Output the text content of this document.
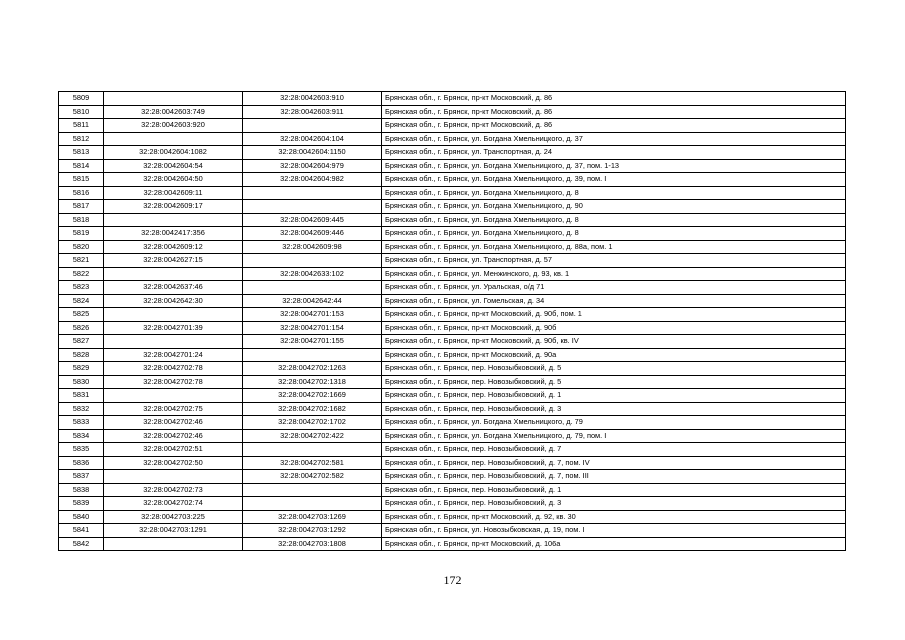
5809		32:28:0042603:910	Брянская обл., г. Брянск, пр-кт Московский, д. 86
5810	32:28:0042603:749	32:28:0042603:911	Брянская обл., г. Брянск, пр-кт Московский, д. 86
5811	32:28:0042603:920		Брянская обл., г. Брянск, пр-кт Московский, д. 86
5812		32:28:0042604:104	Брянская обл., г. Брянск, ул. Богдана Хмельницкого, д. 37
5813	32:28:0042604:1082	32:28:0042604:1150	Брянская обл., г. Брянск, ул. Транспортная, д. 24
5814	32:28:0042604:54	32:28:0042604:979	Брянская обл., г. Брянск, ул. Богдана Хмельницкого, д. 37, пом. 1-13
5815	32:28:0042604:50	32:28:0042604:982	Брянская обл., г. Брянск, ул. Богдана Хмельницкого, д. 39, пом. I
5816	32:28:0042609:11		Брянская обл., г. Брянск, ул. Богдана Хмельницкого, д. 8
5817	32:28:0042609:17		Брянская обл., г. Брянск, ул. Богдана Хмельницкого, д. 90
5818		32:28:0042609:445	Брянская обл., г. Брянск, ул. Богдана Хмельницкого, д. 8
5819	32:28:0042417:356	32:28:0042609:446	Брянская обл., г. Брянск, ул. Богдана Хмельницкого, д. 8
5820	32:28:0042609:12	32:28:0042609:98	Брянская обл., г. Брянск, ул. Богдана Хмельницкого, д. 88а, пом. 1
5821	32:28:0042627:15		Брянская обл., г. Брянск, ул. Транспортная, д. 57
5822		32:28:0042633:102	Брянская обл., г. Брянск, ул. Менжинского, д. 93, кв. 1
5823	32:28:0042637:46		Брянская обл., г. Брянск, ул. Уральская, о/д 71
5824	32:28:0042642:30	32:28:0042642:44	Брянская обл., г. Брянск, ул. Гомельская, д. 34
5825		32:28:0042701:153	Брянская обл., г. Брянск, пр-кт Московский, д. 90б, пом. 1
5826	32:28:0042701:39	32:28:0042701:154	Брянская обл., г. Брянск, пр-кт Московский, д. 90б
5827		32:28:0042701:155	Брянская обл., г. Брянск, пр-кт Московский, д. 90б, кв. IV
5828	32:28:0042701:24		Брянская обл., г. Брянск, пр-кт Московский, д. 90а
5829	32:28:0042702:78	32:28:0042702:1263	Брянская обл., г. Брянск, пер. Новозыбковский, д. 5
5830	32:28:0042702:78	32:28:0042702:1318	Брянская обл., г. Брянск, пер. Новозыбковский, д. 5
5831		32:28:0042702:1669	Брянская обл., г. Брянск, пер. Новозыбковский, д. 1
5832	32:28:0042702:75	32:28:0042702:1682	Брянская обл., г. Брянск, пер. Новозыбковский, д. 3
5833	32:28:0042702:46	32:28:0042702:1702	Брянская обл., г. Брянск, ул. Богдана Хмельницкого, д. 79
5834	32:28:0042702:46	32:28:0042702:422	Брянская обл., г. Брянск, ул. Богдана Хмельницкого, д. 79, пом. I
5835	32:28:0042702:51		Брянская обл., г. Брянск, пер. Новозыбковский, д. 7
5836	32:28:0042702:50	32:28:0042702:581	Брянская обл., г. Брянск, пер. Новозыбковский, д. 7, пом. IV
5837		32:28:0042702:582	Брянская обл., г. Брянск, пер. Новозыбковский, д. 7, пом. III
5838	32:28:0042702:73		Брянская обл., г. Брянск, пер. Новозыбковский, д. 1
5839	32:28:0042702:74		Брянская обл., г. Брянск, пер. Новозыбковский, д. 3
5840	32:28:0042703:225	32:28:0042703:1269	Брянская обл., г. Брянск, пр-кт Московский, д. 92, кв. 30
5841	32:28:0042703:1291	32:28:0042703:1292	Брянская обл., г. Брянск, ул. Новозыбковская, д. 19, пом. I
5842		32:28:0042703:1808	Брянская обл., г. Брянск, пр-кт Московский, д. 106а
172
